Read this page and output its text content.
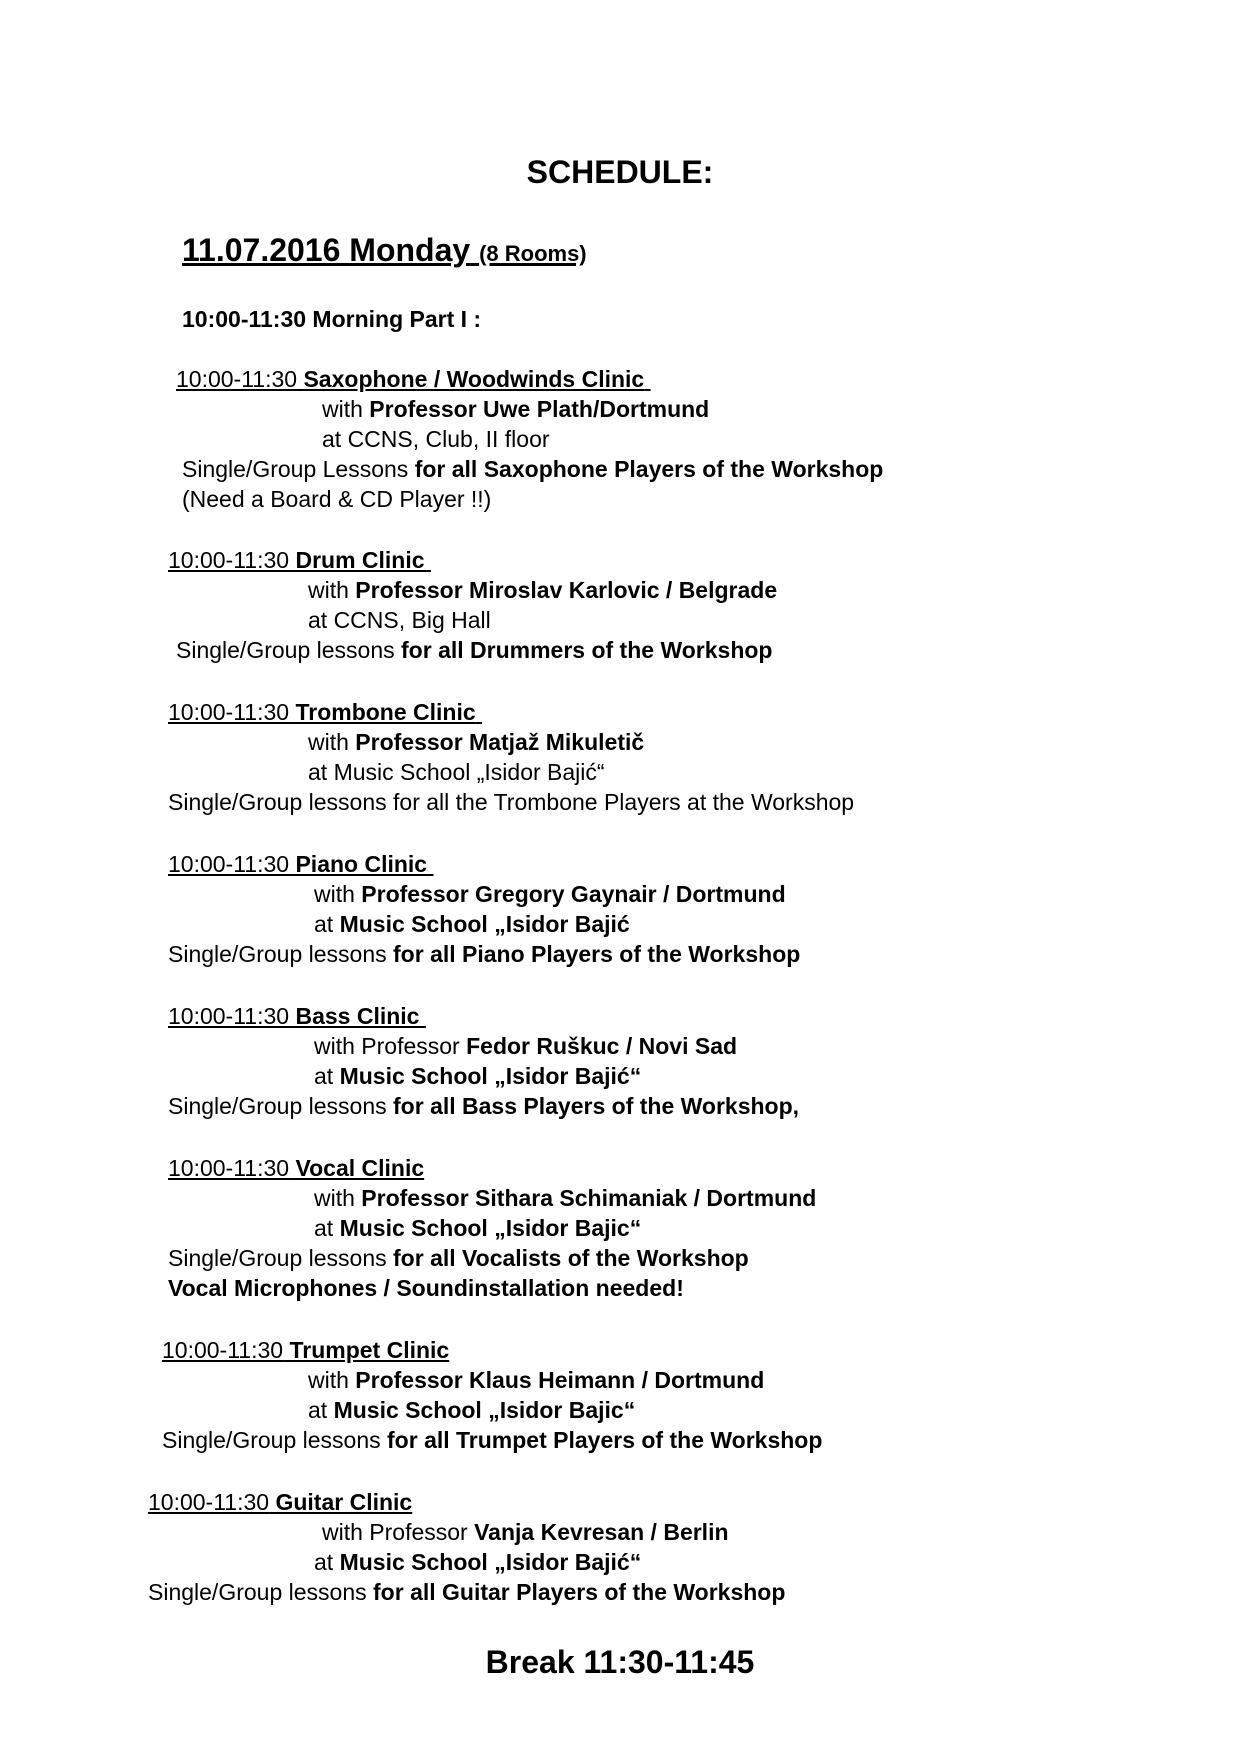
SCHEDULE:
11.07.2016 Monday (8 Rooms)
10:00-11:30 Morning Part I :
10:00-11:30 Saxophone / Woodwinds Clinic
with Professor Uwe Plath/Dortmund
at CCNS, Club, II floor
Single/Group Lessons for all Saxophone Players of the Workshop
(Need a Board & CD Player !!)
10:00-11:30 Drum Clinic
with Professor Miroslav Karlovic / Belgrade
at CCNS, Big Hall
Single/Group lessons for all Drummers of the Workshop
10:00-11:30 Trombone Clinic
with Professor Matjaž Mikuletič
at Music School „Isidor Bajić“
Single/Group lessons for all the Trombone Players at the Workshop
10:00-11:30 Piano Clinic
with Professor Gregory Gaynair / Dortmund
at Music School „Isidor Bajić
Single/Group lessons for all Piano Players of the Workshop
10:00-11:30 Bass Clinic
with Professor Fedor Ruškuc / Novi Sad
at Music School „Isidor Bajić“
Single/Group lessons for all Bass Players of the Workshop,
10:00-11:30 Vocal Clinic
with Professor Sithara Schimaniak / Dortmund
at Music School „Isidor Bajic“
Single/Group lessons for all Vocalists of the Workshop
Vocal Microphones / Soundinstallation needed!
10:00-11:30 Trumpet Clinic
with Professor Klaus Heimann / Dortmund
at Music School „Isidor Bajic“
Single/Group lessons for all Trumpet Players of the Workshop
10:00-11:30 Guitar Clinic
with Professor Vanja Kevresan / Berlin
at Music School „Isidor Bajić“
Single/Group lessons for all Guitar Players of the Workshop
Break 11:30-11:45
